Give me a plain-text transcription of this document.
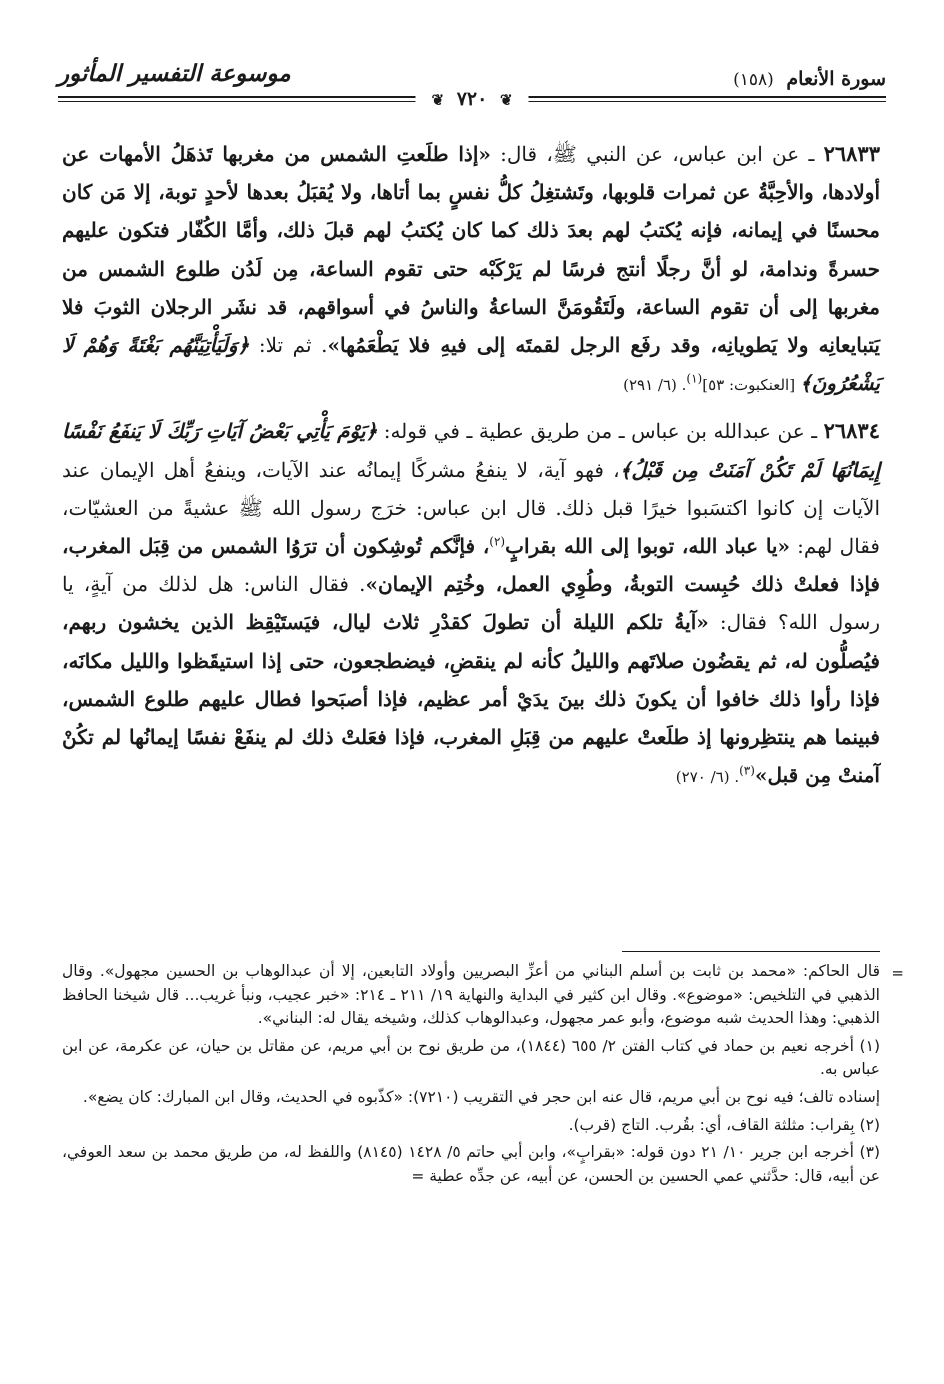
موسوعة التفسير المأثور	سورة الأنعام (١٥٨)
❦ ٧٢٠ ❦

٢٦٨٣٣ ـ عن ابن عباس، عن النبي ﷺ، قال: «إذا طلَعتِ الشمس من مغربها تَذهَلُ الأمهات عن أولادها، والأحِبَّةُ عن ثمرات قلوبها، وتَشتغِلُ كلُّ نفسٍ بما أتاها، ولا يُقبَلُ بعدها لأحدٍ توبة، إلا مَن كان محسنًا في إيمانه، فإنه يُكتبُ لهم بعدَ ذلك كما كان يُكتبُ لهم قبلَ ذلك، وأمَّا الكُفّار فتكون عليهم حسرةً وندامة، لو أنَّ رجلًا أنتج فرسًا لم يَرْكَبْه حتى تقوم الساعة، مِن لَدُن طلوع الشمس من مغربها إلى أن تقوم الساعة، ولَتَقُومَنَّ الساعةُ والناسُ في أسواقهم، قد نشَر الرجلان الثوبَ فلا يَتبايعانِه ولا يَطويانِه، وقد رفَع الرجل لقمتَه إلى فيهِ فلا يَطْعَمُها». ثم تلا: ﴿وَلَيَأْتِيَنَّهُم بَغْتَةً وَهُمْ لَا يَشْعُرُونَ﴾ [العنكبوت: ٥٣]$^{(١)}$. (٦/ ٢٩١)

٢٦٨٣٤ ـ عن عبدالله بن عباس ـ من طريق عطية ـ في قوله: ﴿يَوْمَ يَأْتِي بَعْضُ آيَاتِ رَبِّكَ لَا يَنفَعُ نَفْسًا إِيمَانُهَا لَمْ تَكُنْ آمَنَتْ مِن قَبْلُ﴾، فهو آية، لا ينفعُ مشركًا إيمانُه عند الآيات، وينفعُ أهل الإيمان عند الآيات إن كانوا اكتسَبوا خيرًا قبل ذلك. قال ابن عباس: خرَج رسول الله ﷺ عشيةً من العشيّات، فقال لهم: «يا عباد الله، توبوا إلى الله بقرابٍ$^{(٢)}$، فإنَّكم تُوشِكون أن ترَوُا الشمس من قِبَل المغرب، فإذا فعلتْ ذلك حُبِست التوبةُ، وطُوِي العمل، وخُتِم الإيمان». فقال الناس: هل لذلك من آيةٍ، يا رسول الله؟ فقال: «آيةُ تلكم الليلة أن تطولَ كقدْرِ ثلاث ليال، فيَستَيْقِظ الذين يخشون ربهم، فيُصلُّون له، ثم يقضُون صلاتَهم والليلُ كأنه لم ينقضِ، فيضطجعون، حتى إذا استيقَظوا والليل مكانَه، فإذا رأوا ذلك خافوا أن يكونَ ذلك بينَ يدَيْ أمر عظيم، فإذا أصبَحوا فطال عليهم طلوع الشمس، فبينما هم ينتظِرونها إذ طلَعتْ عليهم من قِبَلِ المغرب، فإذا فعَلتْ ذلك لم ينفَعْ نفسًا إيمانُها لم تكُنْ آمنتْ مِن قبل»$^{(٣)}$. (٦/ ٢٧٠)

=

قال الحاكم: «محمد بن ثابت بن أسلم البناني من أعزِّ البصريين وأولاد التابعين، إلا أن عبدالوهاب بن الحسين مجهول». وقال الذهبي في التلخيص: «موضوع». وقال ابن كثير في البداية والنهاية ١٩/ ٢١١ ـ ٢١٤: «خبر عجيب، ونبأ غريب... قال شيخنا الحافظ الذهبي: وهذا الحديث شبه موضوع، وأبو عمر مجهول، وعبدالوهاب كذلك، وشيخه يقال له: البناني».

(١) أخرجه نعيم بن حماد في كتاب الفتن ٢/ ٦٥٥ (١٨٤٤)، من طريق نوح بن أبي مريم، عن مقاتل بن حيان، عن عكرمة، عن ابن عباس به.

إسناده تالف؛ فيه نوح بن أبي مريم، قال عنه ابن حجر في التقريب (٧٢١٠): «كذّبوه في الحديث، وقال ابن المبارك: كان يضع».

(٢) بِقراب: مثلثة القاف، أي: بقُرب. التاج (قرب).

(٣) أخرجه ابن جرير ١٠/ ٢١ دون قوله: «بقرابٍ»، وابن أبي حاتم ٥/ ١٤٢٨ (٨١٤٥) واللفظ له، من طريق محمد بن سعد العوفي، عن أبيه، قال: حدَّثني عمي الحسين بن الحسن، عن أبيه، عن جدِّه عطية =
